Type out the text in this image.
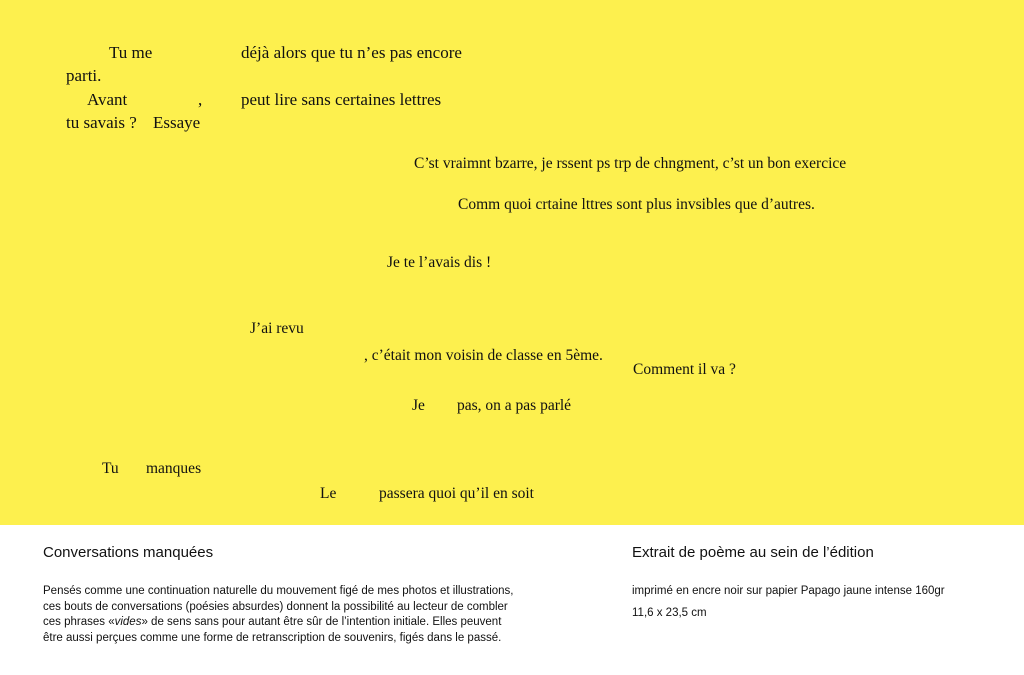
Tu me	déjà alors que tu n’es pas encore

parti.

Avant	, peut lire sans certaines lettres

tu savais ? Essaye

C’st vraimnt bzarre, je rssent ps trp de chngment, c’st un bon exercice

Comm quoi crtaine lttres sont plus invsibles que d’autres.

Je te l’avais dis !

J’ai revu

, c’était mon voisin de classe en 5ème.

Comment il va ?

Je pas, on a pas parlé

Tu manques

Le	passera quoi qu’il en soit

Conversations manquées

Pensés comme une continuation naturelle du mouvement figé de mes photos et illustrations, ces bouts de conversations (poésies absurdes) donnent la possibilité au lecteur de combler ces phrases «vides» de sens sans pour autant être sûr de l’intention initiale. Elles peuvent être aussi perçues comme une forme de retranscription de souvenirs, figés dans le passé.

Extrait de poème au sein de l’édition

imprimé en encre noir sur papier Papago jaune intense 160gr

11,6 x 23,5 cm
